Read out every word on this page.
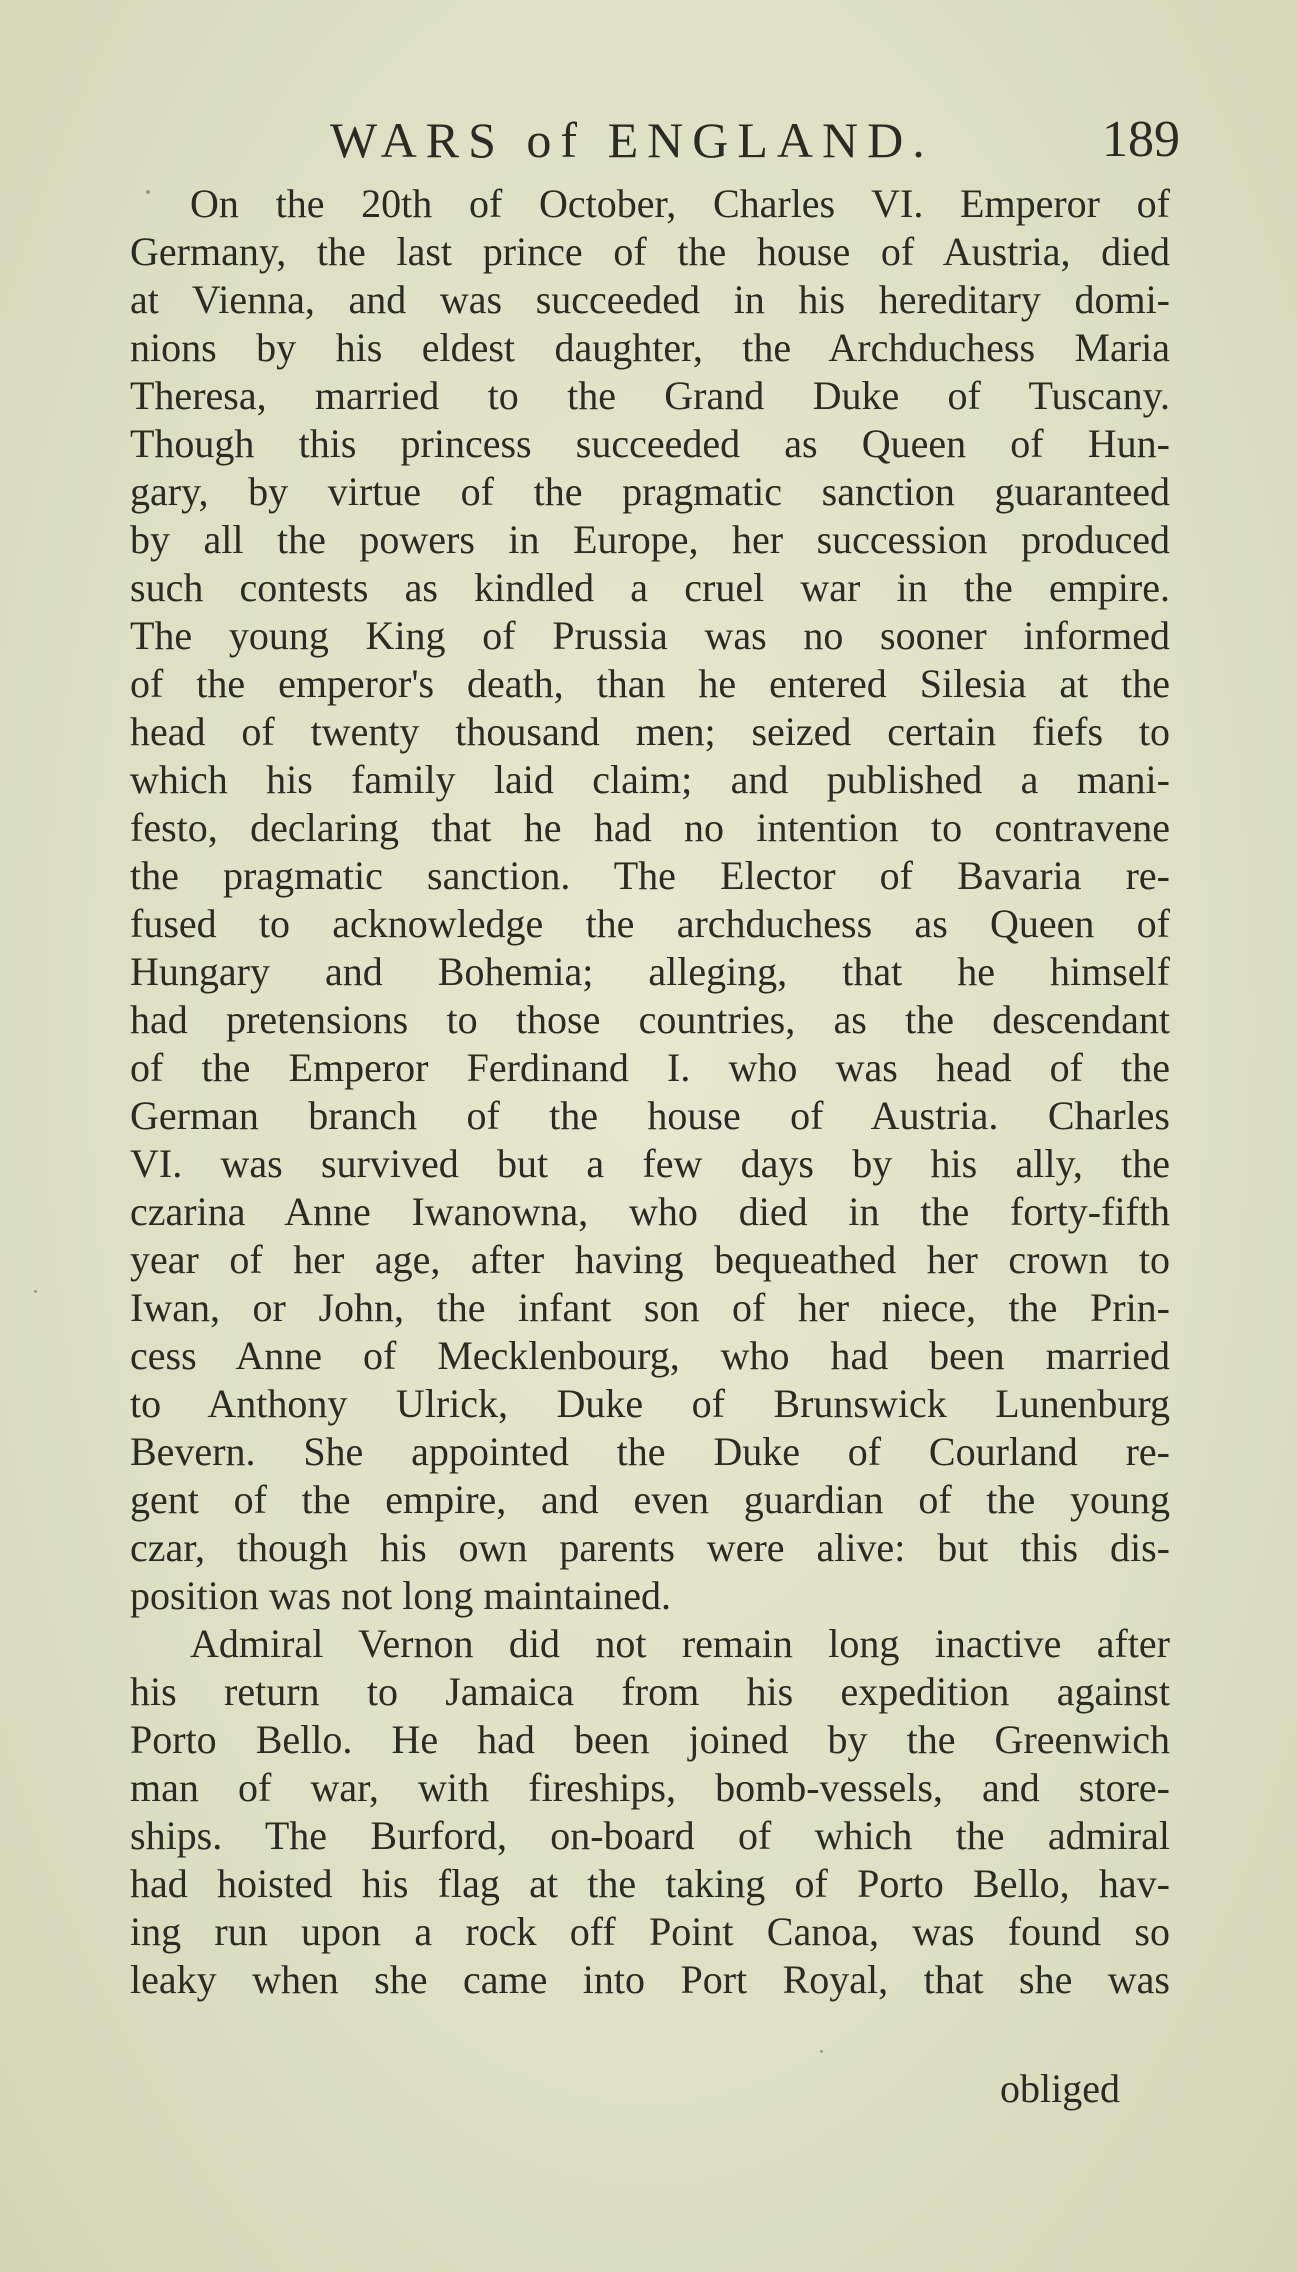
WARS of ENGLAND.	189
On the 20th of October, Charles VI. Emperor of
Germany, the last prince of the house of Austria, died
at Vienna, and was succeeded in his hereditary domi-
nions by his eldest daughter, the Archduchess Maria
Theresa, married to the Grand Duke of Tuscany.
Though this princess succeeded as Queen of Hun-
gary, by virtue of the pragmatic sanction guaranteed
by all the powers in Europe, her succession produced
such contests as kindled a cruel war in the empire.
The young King of Prussia was no sooner informed
of the emperor's death, than he entered Silesia at the
head of twenty thousand men; seized certain fiefs to
which his family laid claim; and published a mani-
festo, declaring that he had no intention to contravene
the pragmatic sanction. The Elector of Bavaria re-
fused to acknowledge the archduchess as Queen of
Hungary and Bohemia; alleging, that he himself
had pretensions to those countries, as the descendant
of the Emperor Ferdinand I. who was head of the
German branch of the house of Austria. Charles
VI. was survived but a few days by his ally, the
czarina Anne Iwanowna, who died in the forty-fifth
year of her age, after having bequeathed her crown to
Iwan, or John, the infant son of her niece, the Prin-
cess Anne of Mecklenbourg, who had been married
to Anthony Ulrick, Duke of Brunswick Lunenburg
Bevern. She appointed the Duke of Courland re-
gent of the empire, and even guardian of the young
czar, though his own parents were alive: but this dis-
position was not long maintained.
Admiral Vernon did not remain long inactive after
his return to Jamaica from his expedition against
Porto Bello. He had been joined by the Greenwich
man of war, with fireships, bomb-vessels, and store-
ships. The Burford, on-board of which the admiral
had hoisted his flag at the taking of Porto Bello, hav-
ing run upon a rock off Point Canoa, was found so
leaky when she came into Port Royal, that she was
obliged
